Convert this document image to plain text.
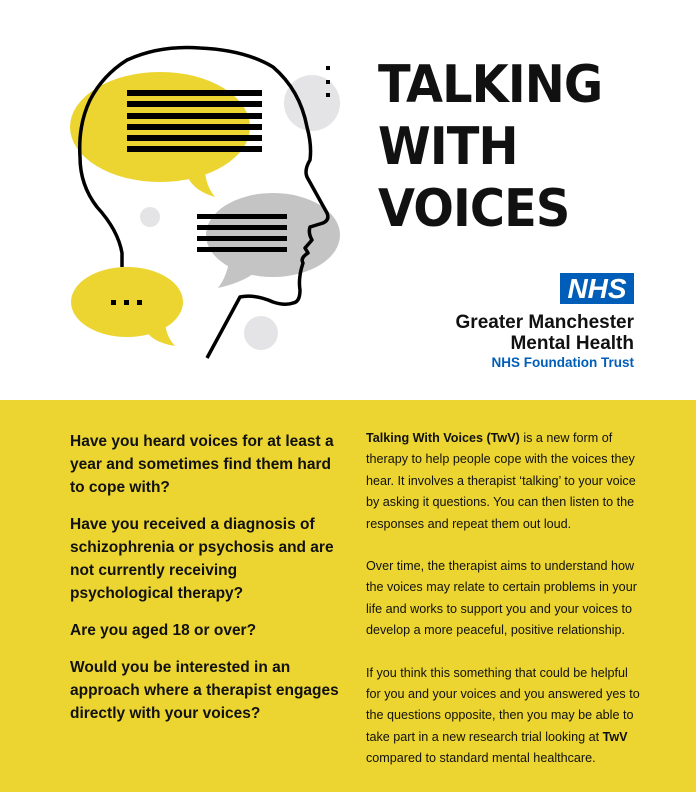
TALKING
WITH
VOICES
NHS
Greater Manchester
Mental Health
NHS Foundation Trust

Have you heard voices for at least a year and sometimes find them hard to cope with?

Have you received a diagnosis of schizophrenia or psychosis and are not currently receiving psychological therapy?

Are you aged 18 or over?

Would you be interested in an approach where a therapist engages directly with your voices?

Talking With Voices (TwV) is a new form of therapy to help people cope with the voices they hear. It involves a therapist ‘talking’ to your voice by asking it questions. You can then listen to the responses and repeat them out loud.

Over time, the therapist aims to understand how the voices may relate to certain problems in your life and works to support you and your voices to develop a more peaceful, positive relationship.

If you think this something that could be helpful for you and your voices and you answered yes to the questions opposite, then you may be able to take part in a new research trial looking at TwV compared to standard mental healthcare.
